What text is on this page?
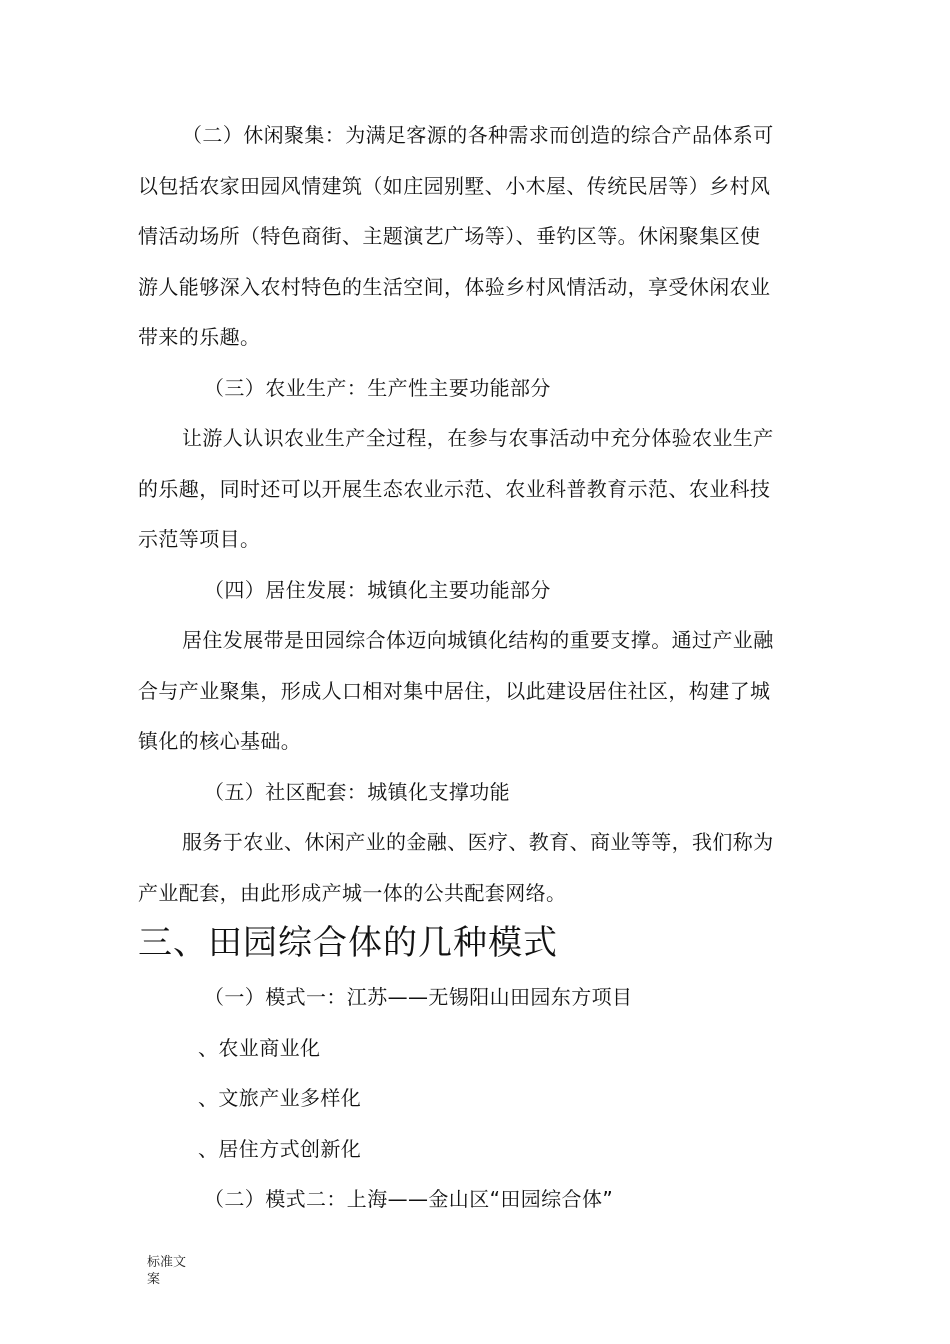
（二）休闲聚集：为满足客源的各种需求而创造的综合产品体系可
以包括农家田园风情建筑（如庄园别墅、小木屋、传统民居等）乡村风
情活动场所（特色商街、主题演艺广场等）、垂钓区等。休闲聚集区使
游人能够深入农村特色的生活空间，体验乡村风情活动，享受休闲农业
带来的乐趣。
（三）农业生产：生产性主要功能部分
让游人认识农业生产全过程，在参与农事活动中充分体验农业生产
的乐趣，同时还可以开展生态农业示范、农业科普教育示范、农业科技
示范等项目。
（四）居住发展：城镇化主要功能部分
居住发展带是田园综合体迈向城镇化结构的重要支撑。通过产业融
合与产业聚集，形成人口相对集中居住，以此建设居住社区，构建了城
镇化的核心基础。
（五）社区配套：城镇化支撑功能
服务于农业、休闲产业的金融、医疗、教育、商业等等，我们称为
产业配套，由此形成产城一体的公共配套网络。
三、田园综合体的几种模式
（一）模式一：江苏——无锡阳山田园东方项目
、农业商业化
、文旅产业多样化
、居住方式创新化
（二）模式二：上海——金山区“田园综合体”
标准文案
